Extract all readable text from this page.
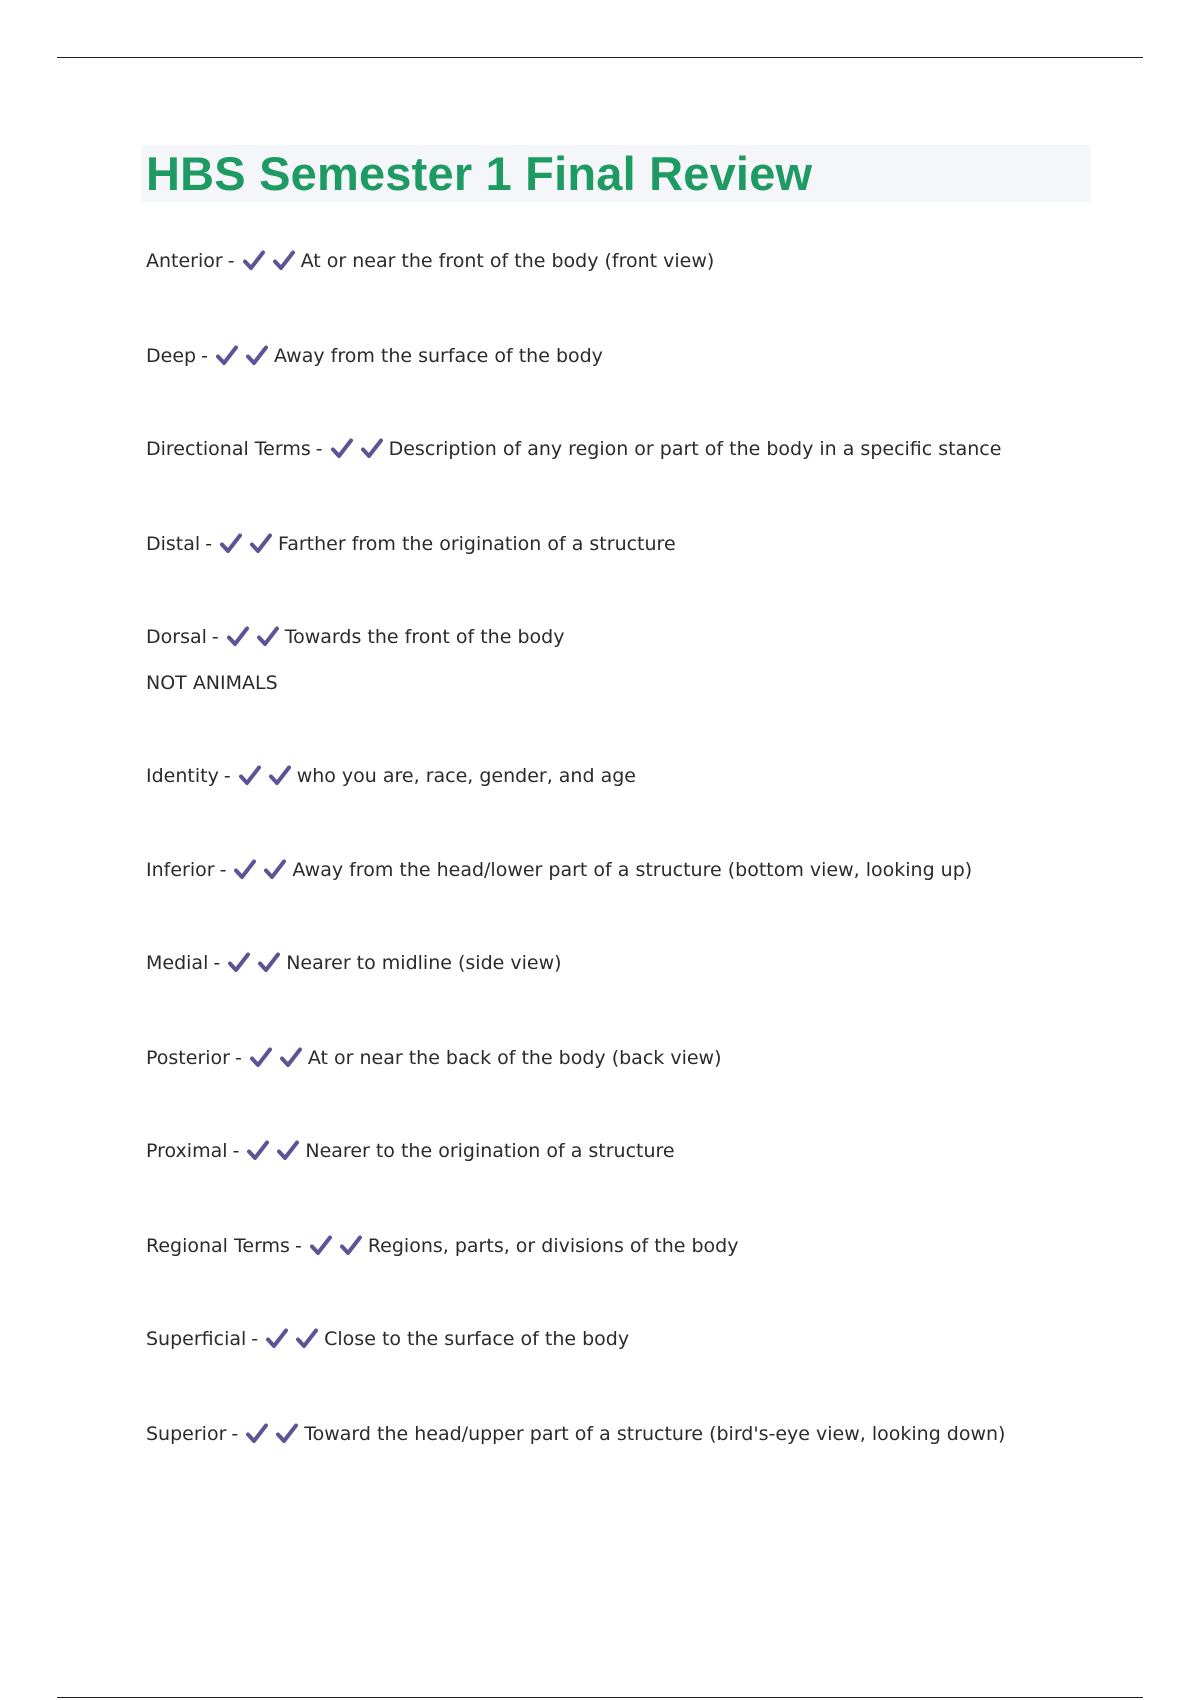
HBS Semester 1 Final Review
Anterior -	At or near the front of the body (front view)
Deep -	Away from the surface of the body
Directional Terms -	Description of any region or part of the body in a specific stance
Distal -	Farther from the origination of a structure
Dorsal -	Towards the front of the body
NOT ANIMALS
Identity -	who you are, race, gender, and age
Inferior -	Away from the head/lower part of a structure (bottom view, looking up)
Medial -	Nearer to midline (side view)
Posterior -	At or near the back of the body (back view)
Proximal -	Nearer to the origination of a structure
Regional Terms -	Regions, parts, or divisions of the body
Superficial -	Close to the surface of the body
Superior -	Toward the head/upper part of a structure (bird's-eye view, looking down)
